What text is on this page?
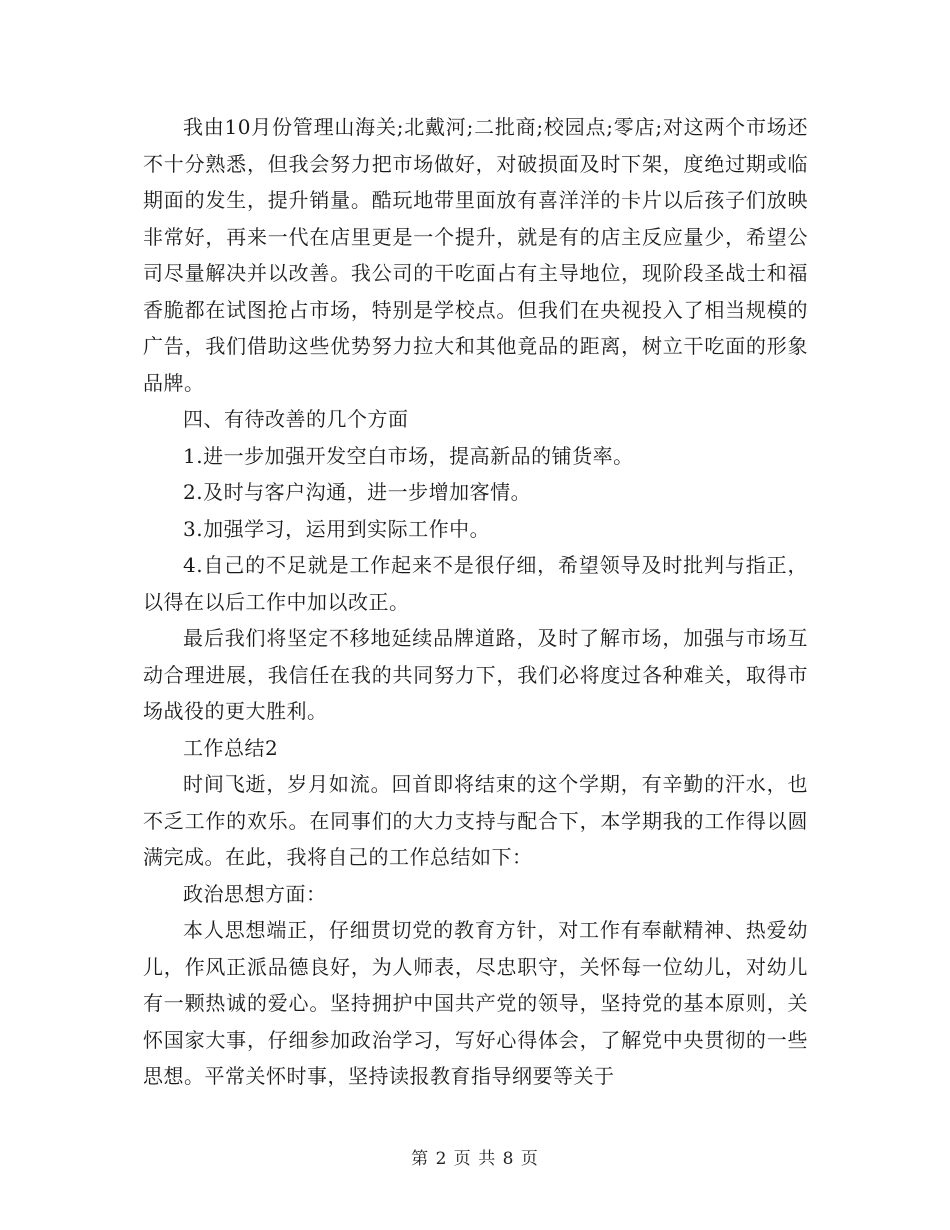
我由10月份管理山海关;北戴河;二批商;校园点;零店;对这两个市场还不十分熟悉，但我会努力把市场做好，对破损面及时下架，度绝过期或临期面的发生，提升销量。酷玩地带里面放有喜洋洋的卡片以后孩子们放映非常好，再来一代在店里更是一个提升，就是有的店主反应量少，希望公司尽量解决并以改善。我公司的干吃面占有主导地位，现阶段圣战士和福香脆都在试图抢占市场，特别是学校点。但我们在央视投入了相当规模的广告，我们借助这些优势努力拉大和其他竟品的距离，树立干吃面的形象品牌。

四、有待改善的几个方面

1.进一步加强开发空白市场，提高新品的铺货率。

2.及时与客户沟通，进一步增加客情。

3.加强学习，运用到实际工作中。

4.自己的不足就是工作起来不是很仔细，希望领导及时批判与指正，以得在以后工作中加以改正。

最后我们将坚定不移地延续品牌道路，及时了解市场，加强与市场互动合理进展，我信任在我的共同努力下，我们必将度过各种难关，取得市场战役的更大胜利。

工作总结2

时间飞逝，岁月如流。回首即将结束的这个学期，有辛勤的汗水，也不乏工作的欢乐。在同事们的大力支持与配合下，本学期我的工作得以圆满完成。在此，我将自己的工作总结如下：

政治思想方面：

本人思想端正，仔细贯切党的教育方针，对工作有奉献精神、热爱幼儿，作风正派品德良好，为人师表，尽忠职守，关怀每一位幼儿，对幼儿有一颗热诚的爱心。坚持拥护中国共产党的领导，坚持党的基本原则，关怀国家大事，仔细参加政治学习，写好心得体会，了解党中央贯彻的一些思想。平常关怀时事，坚持读报教育指导纲要等关于

第 2 页 共 8 页
